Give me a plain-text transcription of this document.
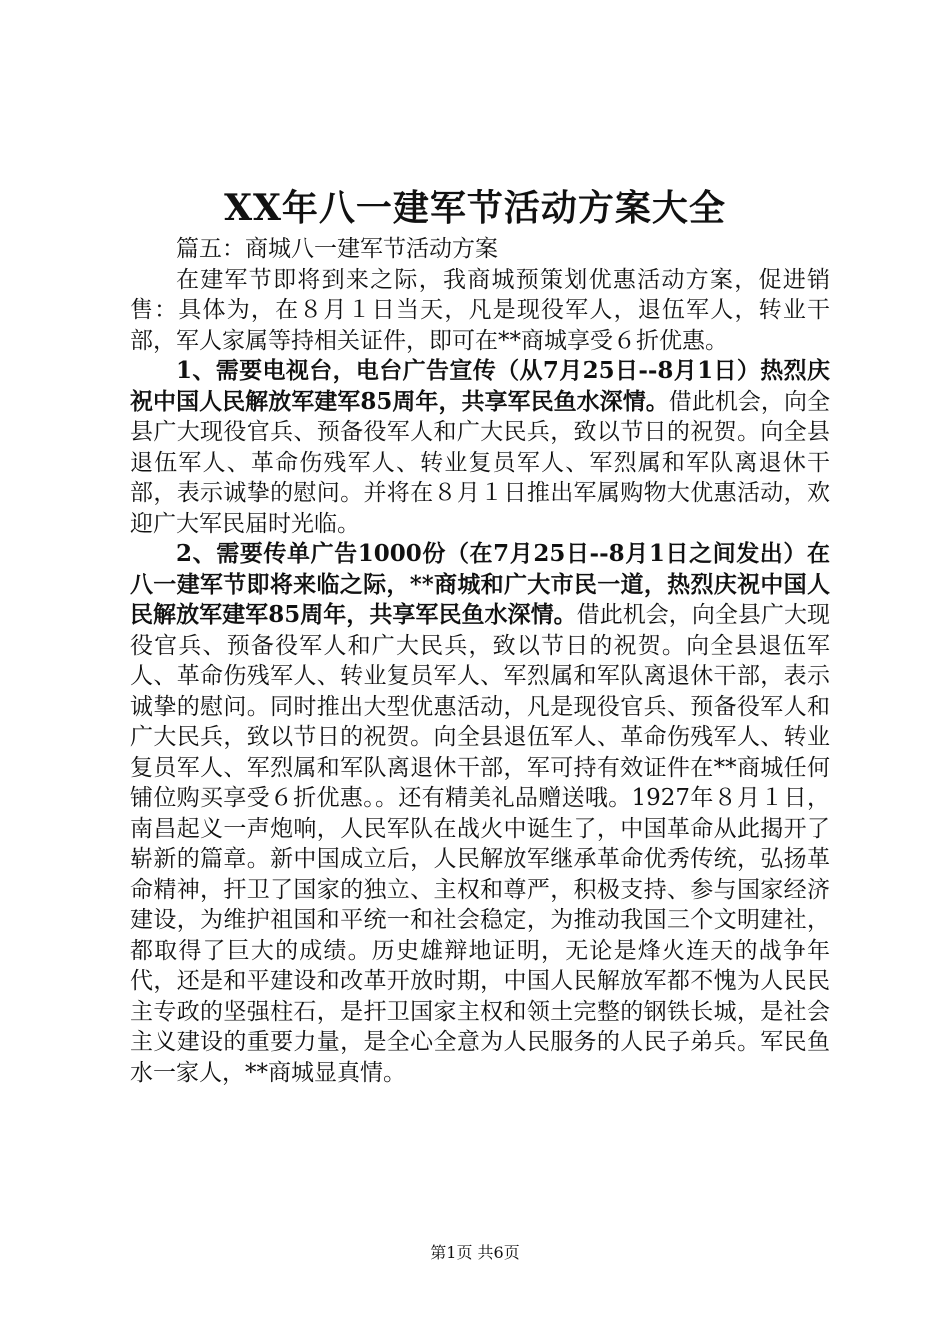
XX年八一建军节活动方案大全

篇五：商城八一建军节活动方案

在建军节即将到来之际，我商城预策划优惠活动方案，促进销售：具体为，在８月１日当天，凡是现役军人，退伍军人，转业干部，军人家属等持相关证件，即可在**商城享受６折优惠。

1、需要电视台，电台广告宣传（从7月25日--8月1日）热烈庆祝中国人民解放军建军85周年，共享军民鱼水深情。借此机会，向全县广大现役官兵、预备役军人和广大民兵，致以节日的祝贺。向全县退伍军人、革命伤残军人、转业复员军人、军烈属和军队离退休干部，表示诚挚的慰问。并将在８月１日推出军属购物大优惠活动，欢迎广大军民届时光临。

2、需要传单广告1000份（在7月25日--8月1日之间发出）在八一建军节即将来临之际，**商城和广大市民一道，热烈庆祝中国人民解放军建军85周年，共享军民鱼水深情。借此机会，向全县广大现役官兵、预备役军人和广大民兵，致以节日的祝贺。向全县退伍军人、革命伤残军人、转业复员军人、军烈属和军队离退休干部，表示诚挚的慰问。同时推出大型优惠活动，凡是现役官兵、预备役军人和广大民兵，致以节日的祝贺。向全县退伍军人、革命伤残军人、转业复员军人、军烈属和军队离退休干部，军可持有效证件在**商城任何铺位购买享受６折优惠。。还有精美礼品赠送哦。1927年８月１日，南昌起义一声炮响，人民军队在战火中诞生了，中国革命从此揭开了崭新的篇章。新中国成立后，人民解放军继承革命优秀传统，弘扬革命精神，扞卫了国家的独立、主权和尊严，积极支持、参与国家经济建设，为维护祖国和平统一和社会稳定，为推动我国三个文明建社，都取得了巨大的成绩。历史雄辩地证明，无论是烽火连天的战争年代，还是和平建设和改革开放时期，中国人民解放军都不愧为人民民主专政的坚强柱石，是扞卫国家主权和领土完整的钢铁长城，是社会主义建设的重要力量，是全心全意为人民服务的人民子弟兵。军民鱼水一家人，**商城显真情。

第1页 共6页
